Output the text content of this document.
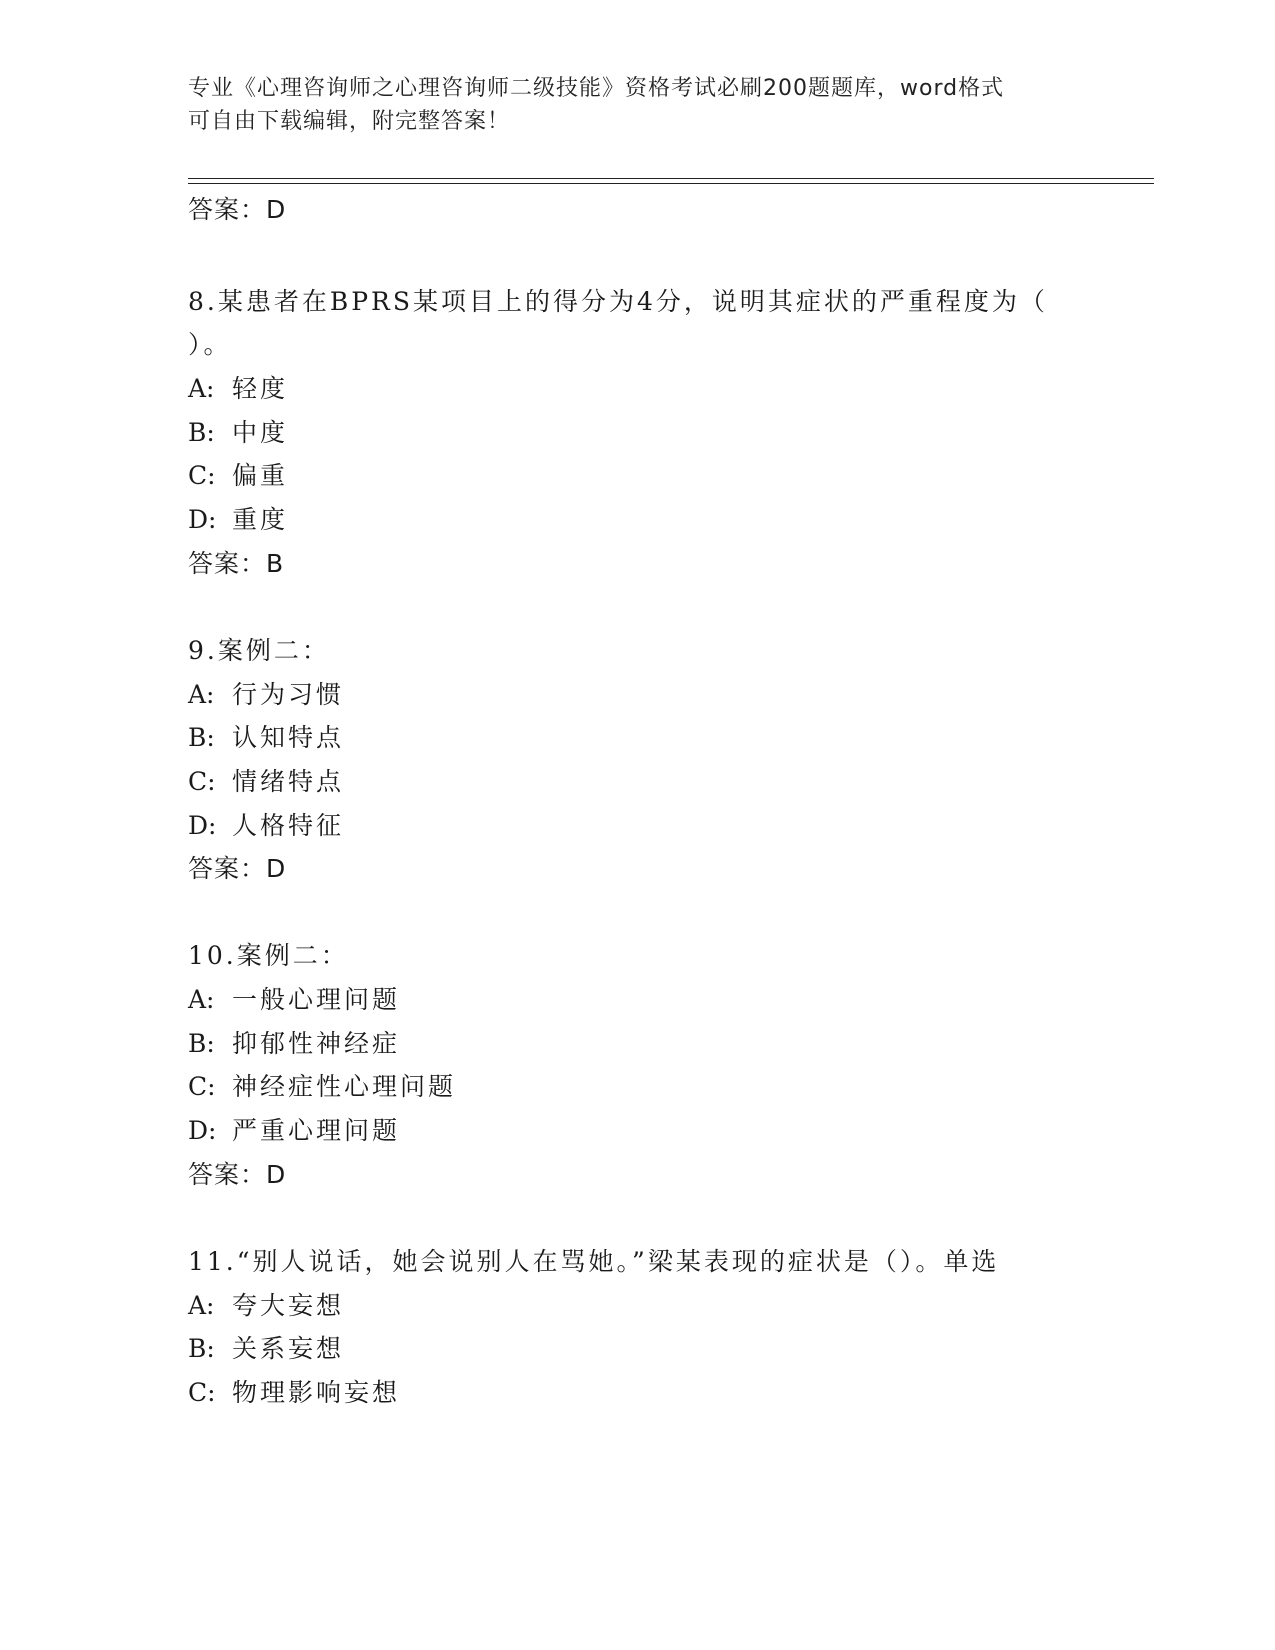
专业《心理咨询师之心理咨询师二级技能》资格考试必刷200题题库，word格式
可自由下载编辑，附完整答案！
答案：D
8.某患者在BPRS某项目上的得分为4分，说明其症状的严重程度为（
）。
A: 轻度
B: 中度
C: 偏重
D: 重度
答案：B
9.案例二：
A: 行为习惯
B: 认知特点
C: 情绪特点
D: 人格特征
答案：D
10.案例二：
A: 一般心理问题
B: 抑郁性神经症
C: 神经症性心理问题
D: 严重心理问题
答案：D
11.“别人说话，她会说别人在骂她。”梁某表现的症状是（）。单选
A: 夸大妄想
B: 关系妄想
C: 物理影响妄想
